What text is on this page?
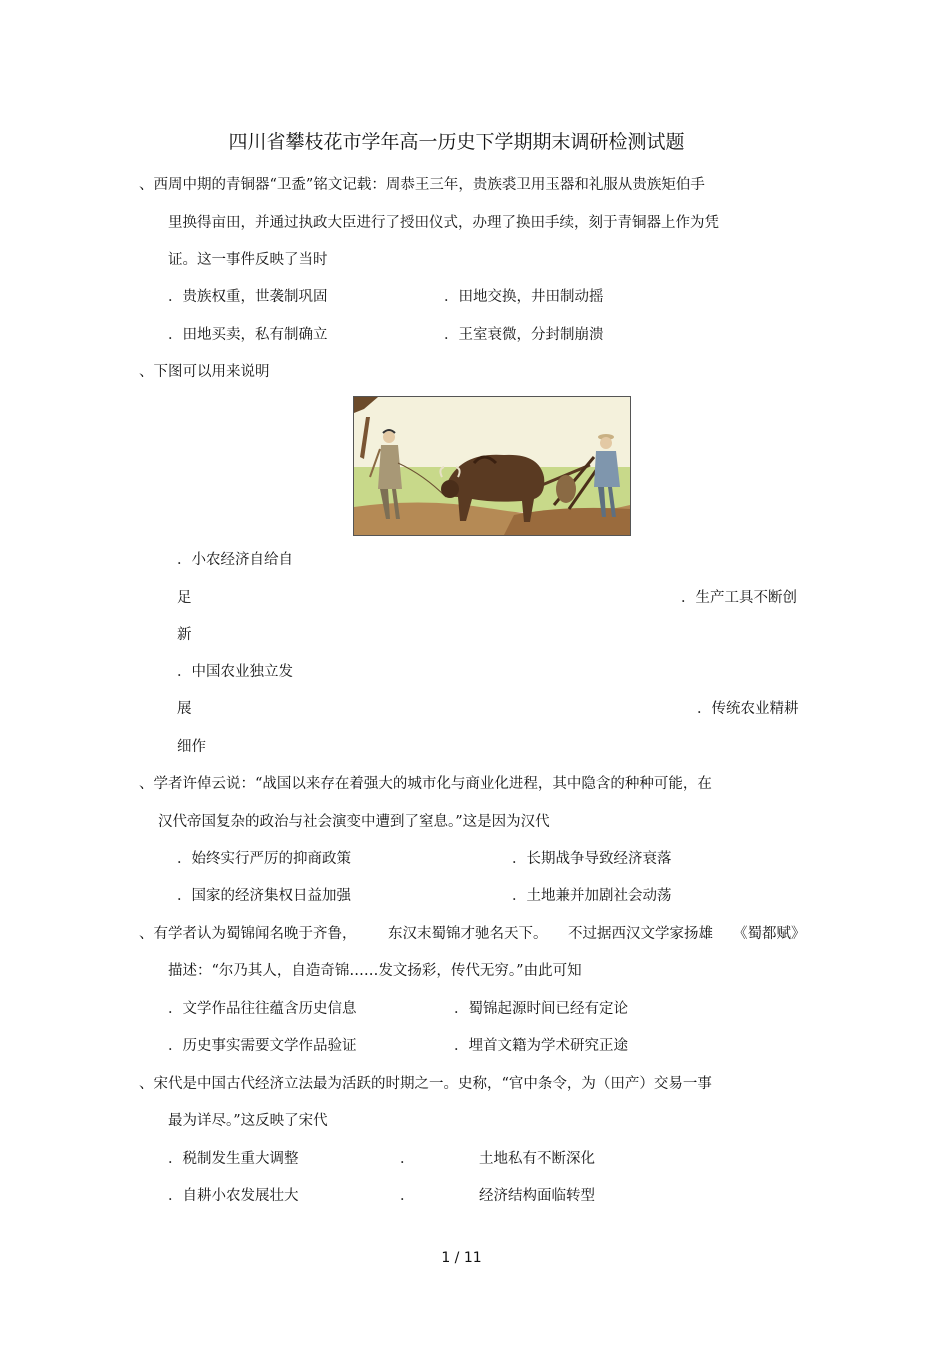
四川省攀枝花市学年高一历史下学期期末调研检测试题
、西周中期的青铜器“卫盉”铭文记载：周恭王三年，贵族裘卫用玉器和礼服从贵族矩伯手
里换得亩田，并通过执政大臣进行了授田仪式，办理了换田手续，刻于青铜器上作为凭
证。这一事件反映了当时
．贵族权重，世袭制巩固	．田地交换，井田制动摇
．田地买卖，私有制确立	．王室衰微，分封制崩溃
、下图可以用来说明
．小农经济自给自
足	．生产工具不断创
新
．中国农业独立发
展	．传统农业精耕
细作
、学者许倬云说：“战国以来存在着强大的城市化与商业化进程，其中隐含的种种可能，在
汉代帝国复杂的政治与社会演变中遭到了窒息。”这是因为汉代
．始终实行严厉的抑商政策	．长期战争导致经济衰落
．国家的经济集权日益加强	．土地兼并加剧社会动荡
、有学者认为蜀锦闻名晚于齐鲁， 东汉末蜀锦才驰名天下。 不过据西汉文学家扬雄 《蜀都赋》
描述：“尔乃其人，自造奇锦……发文扬彩，传代无穷。”由此可知
．文学作品往往蕴含历史信息	．蜀锦起源时间已经有定论
．历史事实需要文学作品验证	．埋首文籍为学术研究正途
、宋代是中国古代经济立法最为活跃的时期之一。史称，“官中条令，为（田产）交易一事
最为详尽。”这反映了宋代
．税制发生重大调整	．	土地私有不断深化
．自耕小农发展壮大	．	经济结构面临转型
1 / 11
